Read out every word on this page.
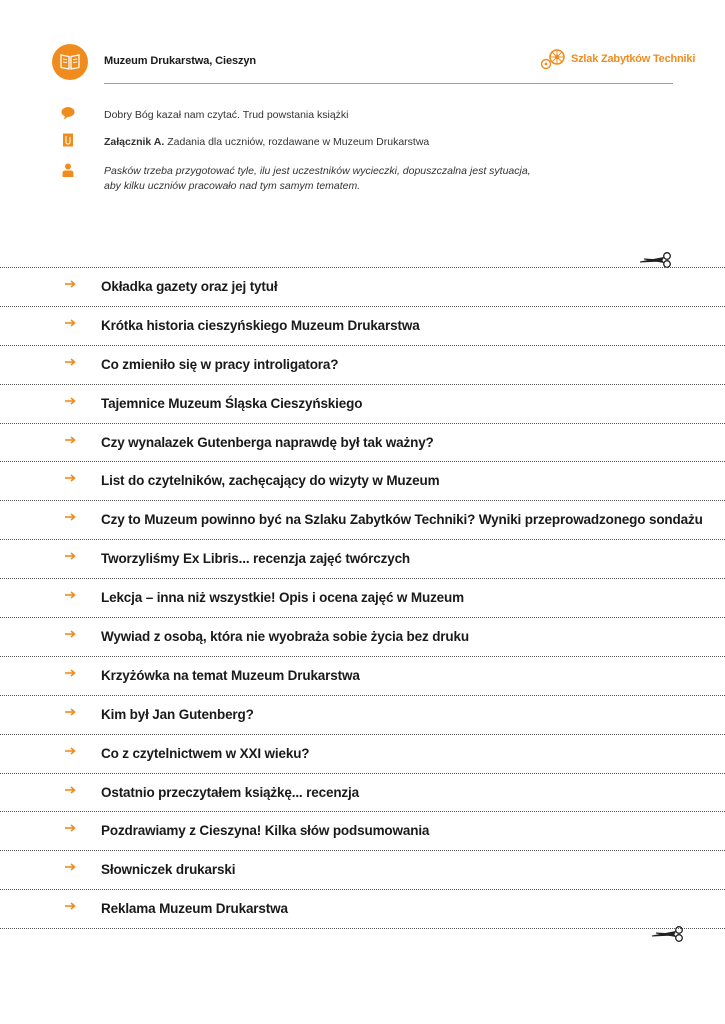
Muzeum Drukarstwa, Cieszyn	Szlak Zabytków Techniki
Dobry Bóg kazał nam czytać. Trud powstania książki
Załącznik A. Zadania dla uczniów, rozdawane w Muzeum Drukarstwa
Pasków trzeba przygotować tyle, ilu jest uczestników wycieczki, dopuszczalna jest sytuacja,
aby kilku uczniów pracowało nad tym samym tematem.
Okładka gazety oraz jej tytuł
Krótka historia cieszyńskiego Muzeum Drukarstwa
Co zmieniło się w pracy introligatora?
Tajemnice Muzeum Śląska Cieszyńskiego
Czy wynalazek Gutenberga naprawdę był tak ważny?
List do czytelników, zachęcający do wizyty w Muzeum
Czy to Muzeum powinno być na Szlaku Zabytków Techniki? Wyniki przeprowadzonego sondażu
Tworzyliśmy Ex Libris... recenzja zajęć twórczych
Lekcja – inna niż wszystkie! Opis i ocena zajęć w Muzeum
Wywiad z osobą, która nie wyobraża sobie życia bez druku
Krzyżówka na temat Muzeum Drukarstwa
Kim był Jan Gutenberg?
Co z czytelnictwem w XXI wieku?
Ostatnio przeczytałem książkę... recenzja
Pozdrawiamy z Cieszyna! Kilka słów podsumowania
Słowniczek drukarski
Reklama Muzeum Drukarstwa
